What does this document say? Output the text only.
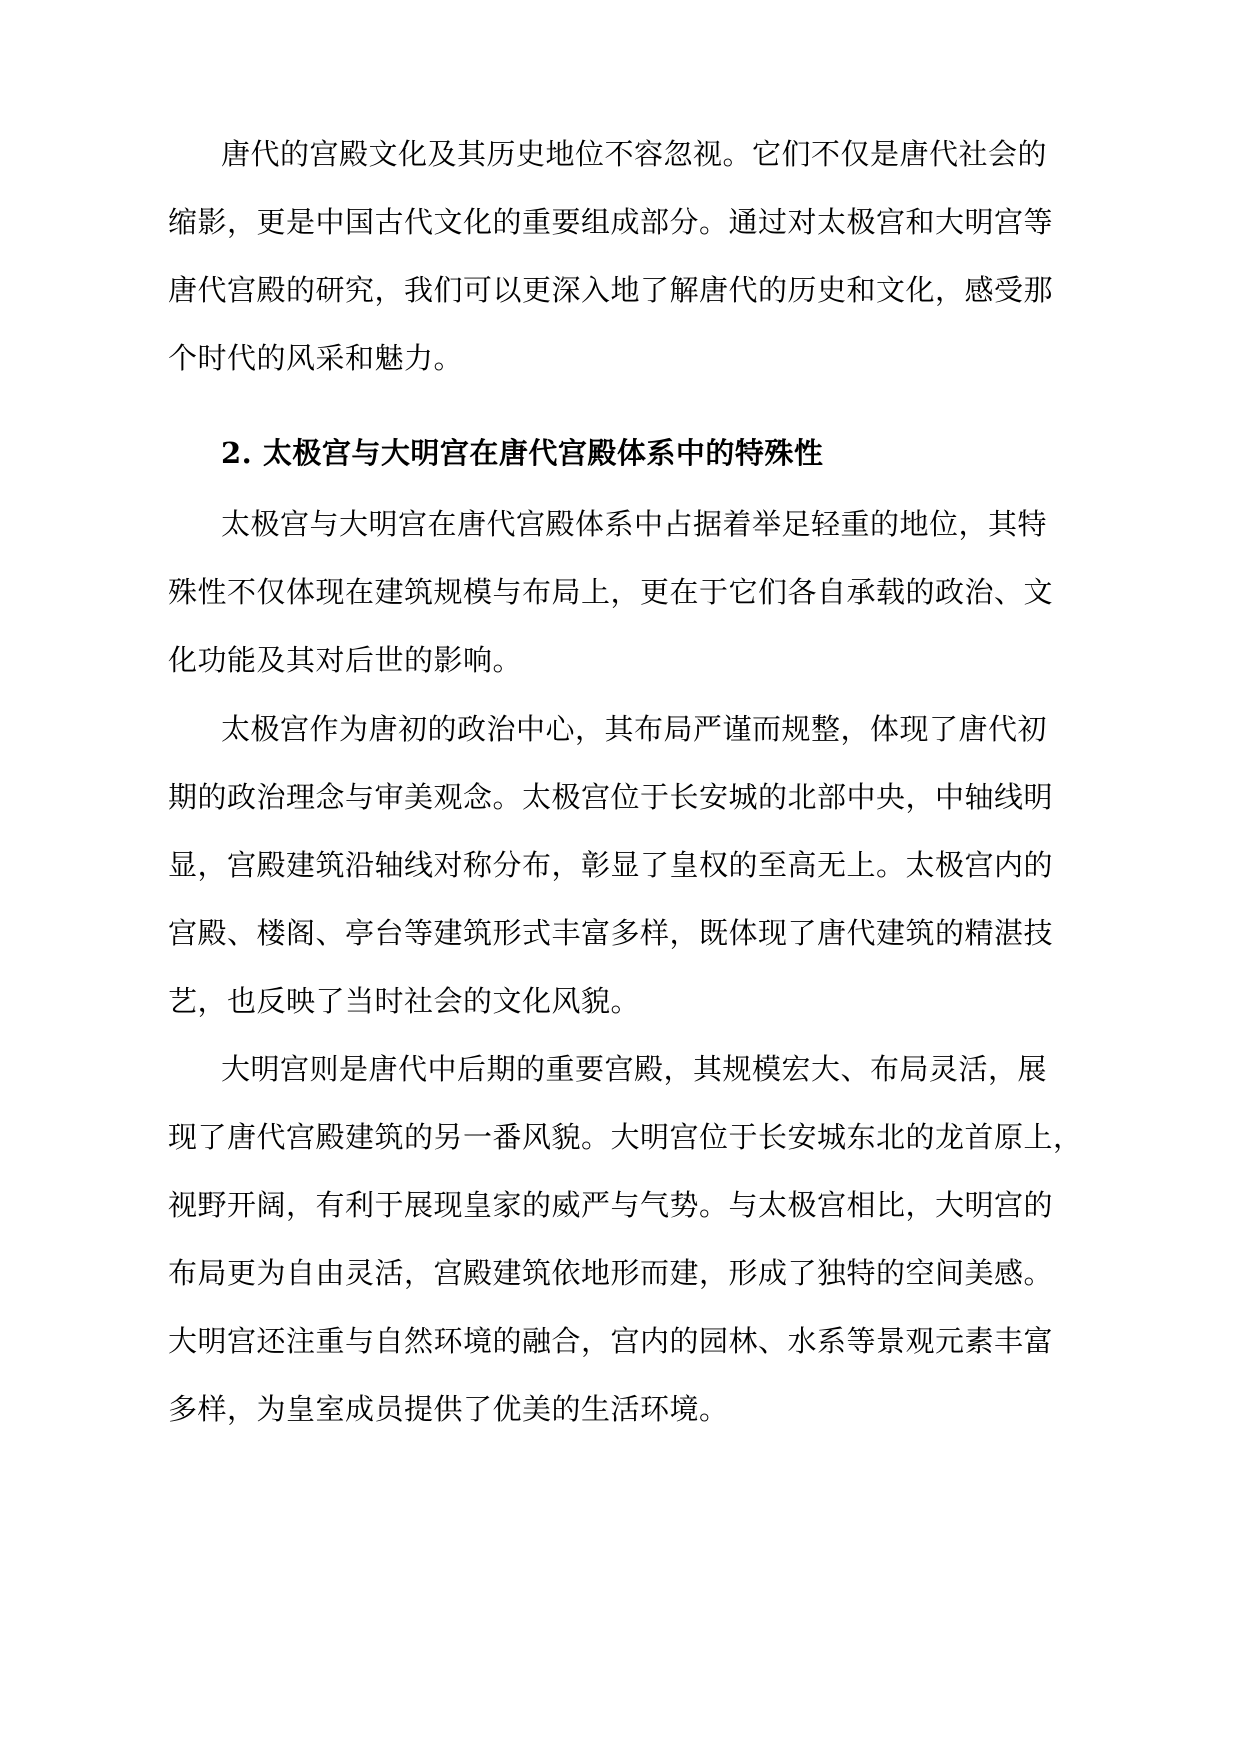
唐代的宫殿文化及其历史地位不容忽视。它们不仅是唐代社会的
缩影，更是中国古代文化的重要组成部分。通过对太极宫和大明宫等
唐代宫殿的研究，我们可以更深入地了解唐代的历史和文化，感受那
个时代的风采和魅力。
2. 太极宫与大明宫在唐代宫殿体系中的特殊性
太极宫与大明宫在唐代宫殿体系中占据着举足轻重的地位，其特
殊性不仅体现在建筑规模与布局上，更在于它们各自承载的政治、文
化功能及其对后世的影响。
太极宫作为唐初的政治中心，其布局严谨而规整，体现了唐代初
期的政治理念与审美观念。太极宫位于长安城的北部中央，中轴线明
显，宫殿建筑沿轴线对称分布，彰显了皇权的至高无上。太极宫内的
宫殿、楼阁、亭台等建筑形式丰富多样，既体现了唐代建筑的精湛技
艺，也反映了当时社会的文化风貌。
大明宫则是唐代中后期的重要宫殿，其规模宏大、布局灵活，展
现了唐代宫殿建筑的另一番风貌。大明宫位于长安城东北的龙首原上，
视野开阔，有利于展现皇家的威严与气势。与太极宫相比，大明宫的
布局更为自由灵活，宫殿建筑依地形而建，形成了独特的空间美感。
大明宫还注重与自然环境的融合，宫内的园林、水系等景观元素丰富
多样，为皇室成员提供了优美的生活环境。
